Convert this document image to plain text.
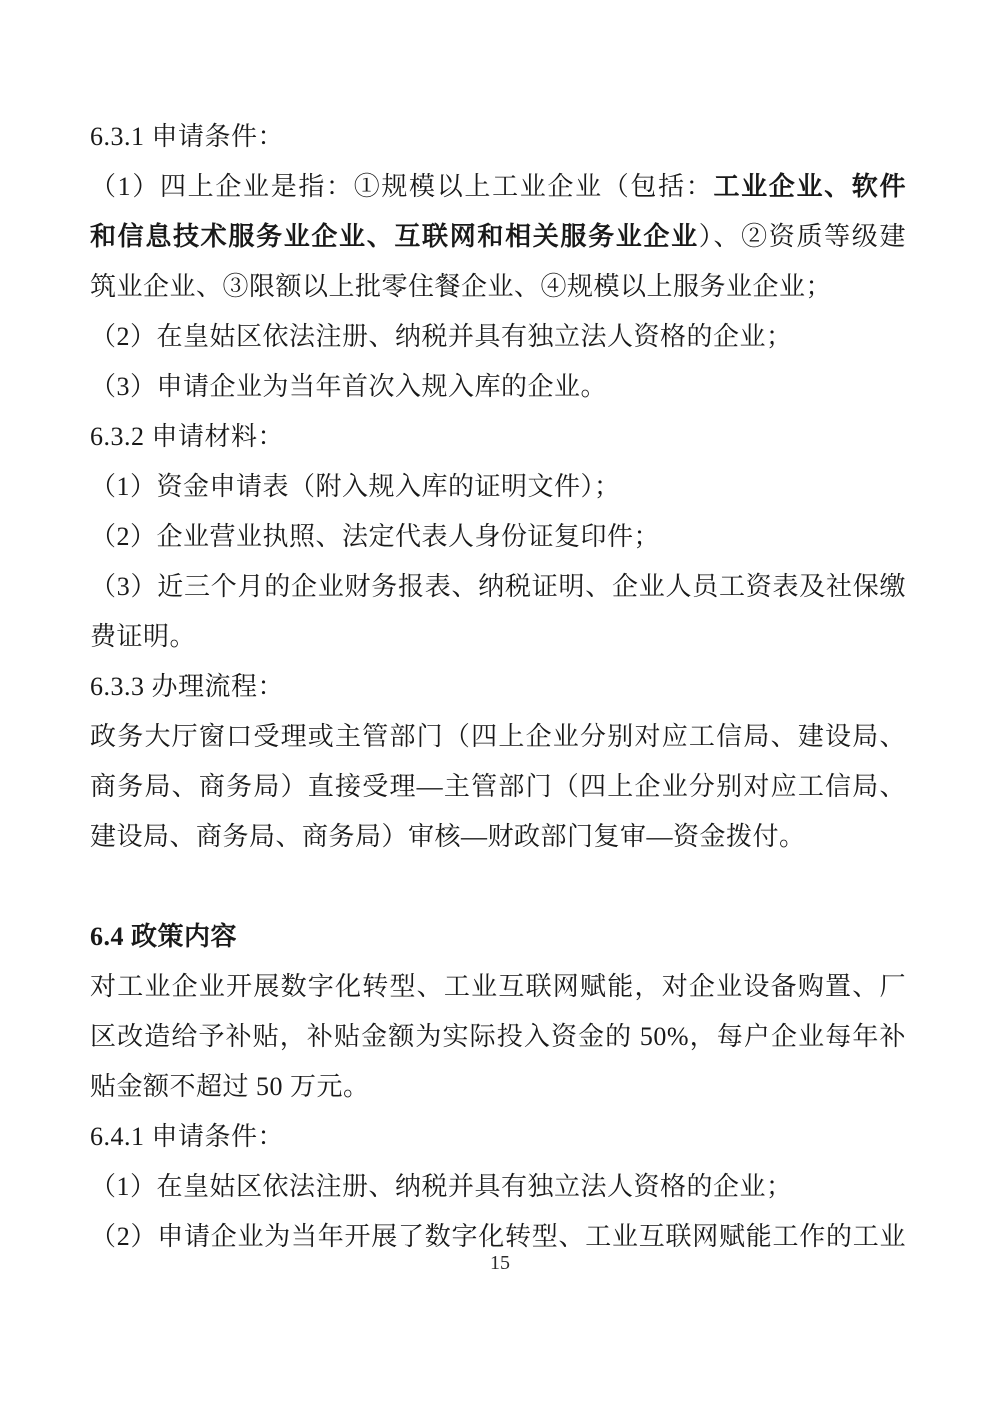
6.3.1 申请条件：
（1）四上企业是指：①规模以上工业企业（包括：工业企业、软件
和信息技术服务业企业、互联网和相关服务业企业）、②资质等级建
筑业企业、③限额以上批零住餐企业、④规模以上服务业企业；
（2）在皇姑区依法注册、纳税并具有独立法人资格的企业；
（3）申请企业为当年首次入规入库的企业。
6.3.2 申请材料：
（1）资金申请表（附入规入库的证明文件）；
（2）企业营业执照、法定代表人身份证复印件；
（3）近三个月的企业财务报表、纳税证明、企业人员工资表及社保缴
费证明。
6.3.3 办理流程：
政务大厅窗口受理或主管部门（四上企业分别对应工信局、建设局、
商务局、商务局）直接受理—主管部门（四上企业分别对应工信局、
建设局、商务局、商务局）审核—财政部门复审—资金拨付。

6.4 政策内容
对工业企业开展数字化转型、工业互联网赋能，对企业设备购置、厂
区改造给予补贴，补贴金额为实际投入资金的 50%，每户企业每年补
贴金额不超过 50 万元。
6.4.1 申请条件：
（1）在皇姑区依法注册、纳税并具有独立法人资格的企业；
（2）申请企业为当年开展了数字化转型、工业互联网赋能工作的工业
15
